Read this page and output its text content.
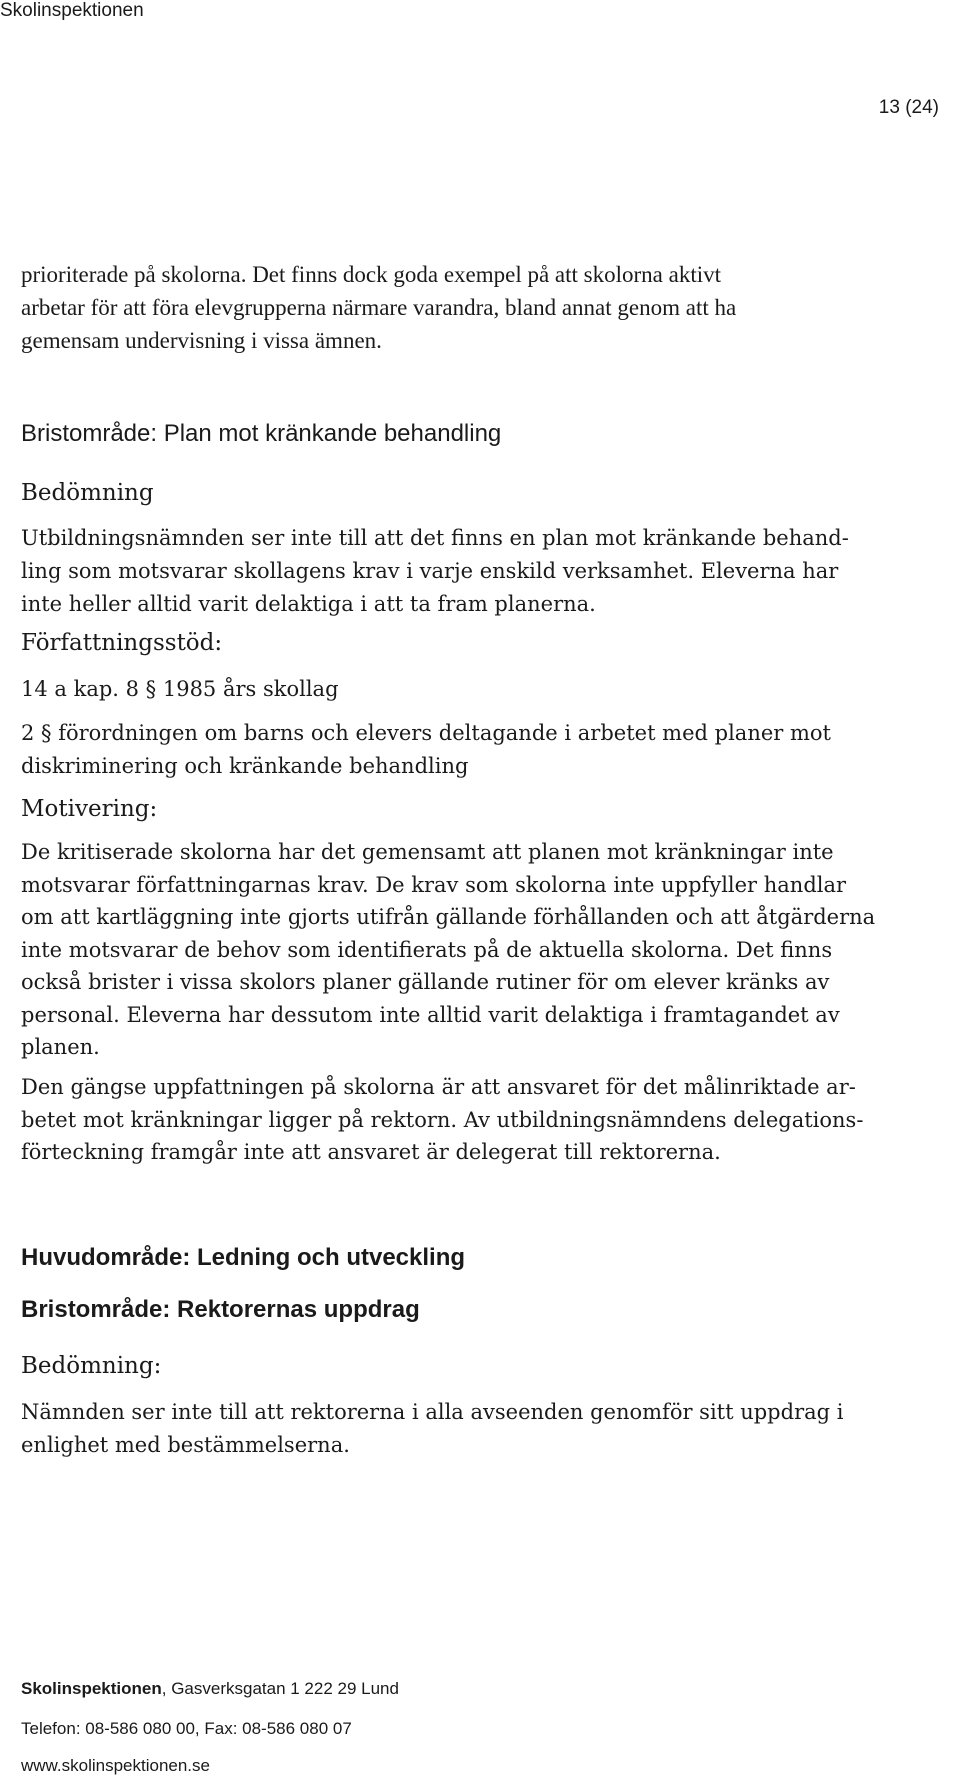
Skolinspektionen
13 (24)
prioriterade på skolorna. Det finns dock goda exempel på att skolorna aktivt
arbetar för att föra elevgrupperna närmare varandra, bland annat genom att ha
gemensam undervisning i vissa ämnen.
Bristområde: Plan mot kränkande behandling
Bedömning
Utbildningsnämnden ser inte till att det finns en plan mot kränkande behand-
ling som motsvarar skollagens krav i varje enskild verksamhet. Eleverna har
inte heller alltid varit delaktiga i att ta fram planerna.
Författningsstöd:
14 a kap. 8 § 1985 års skollag
2 § förordningen om barns och elevers deltagande i arbetet med planer mot
diskriminering och kränkande behandling
Motivering:
De kritiserade skolorna har det gemensamt att planen mot kränkningar inte
motsvarar författningarnas krav. De krav som skolorna inte uppfyller handlar
om att kartläggning inte gjorts utifrån gällande förhållanden och att åtgärderna
inte motsvarar de behov som identifierats på de aktuella skolorna. Det finns
också brister i vissa skolors planer gällande rutiner för om elever kränks av
personal. Eleverna har dessutom inte alltid varit delaktiga i framtagandet av
planen.
Den gängse uppfattningen på skolorna är att ansvaret för det målinriktade ar-
betet mot kränkningar ligger på rektorn. Av utbildningsnämndens delegations-
förteckning framgår inte att ansvaret är delegerat till rektorerna.
Huvudområde: Ledning och utveckling
Bristområde: Rektorernas uppdrag
Bedömning:
Nämnden ser inte till att rektorerna i alla avseenden genomför sitt uppdrag i
enlighet med bestämmelserna.
Skolinspektionen, Gasverksgatan 1 222 29 Lund
Telefon: 08-586 080 00, Fax: 08-586 080 07
www.skolinspektionen.se
